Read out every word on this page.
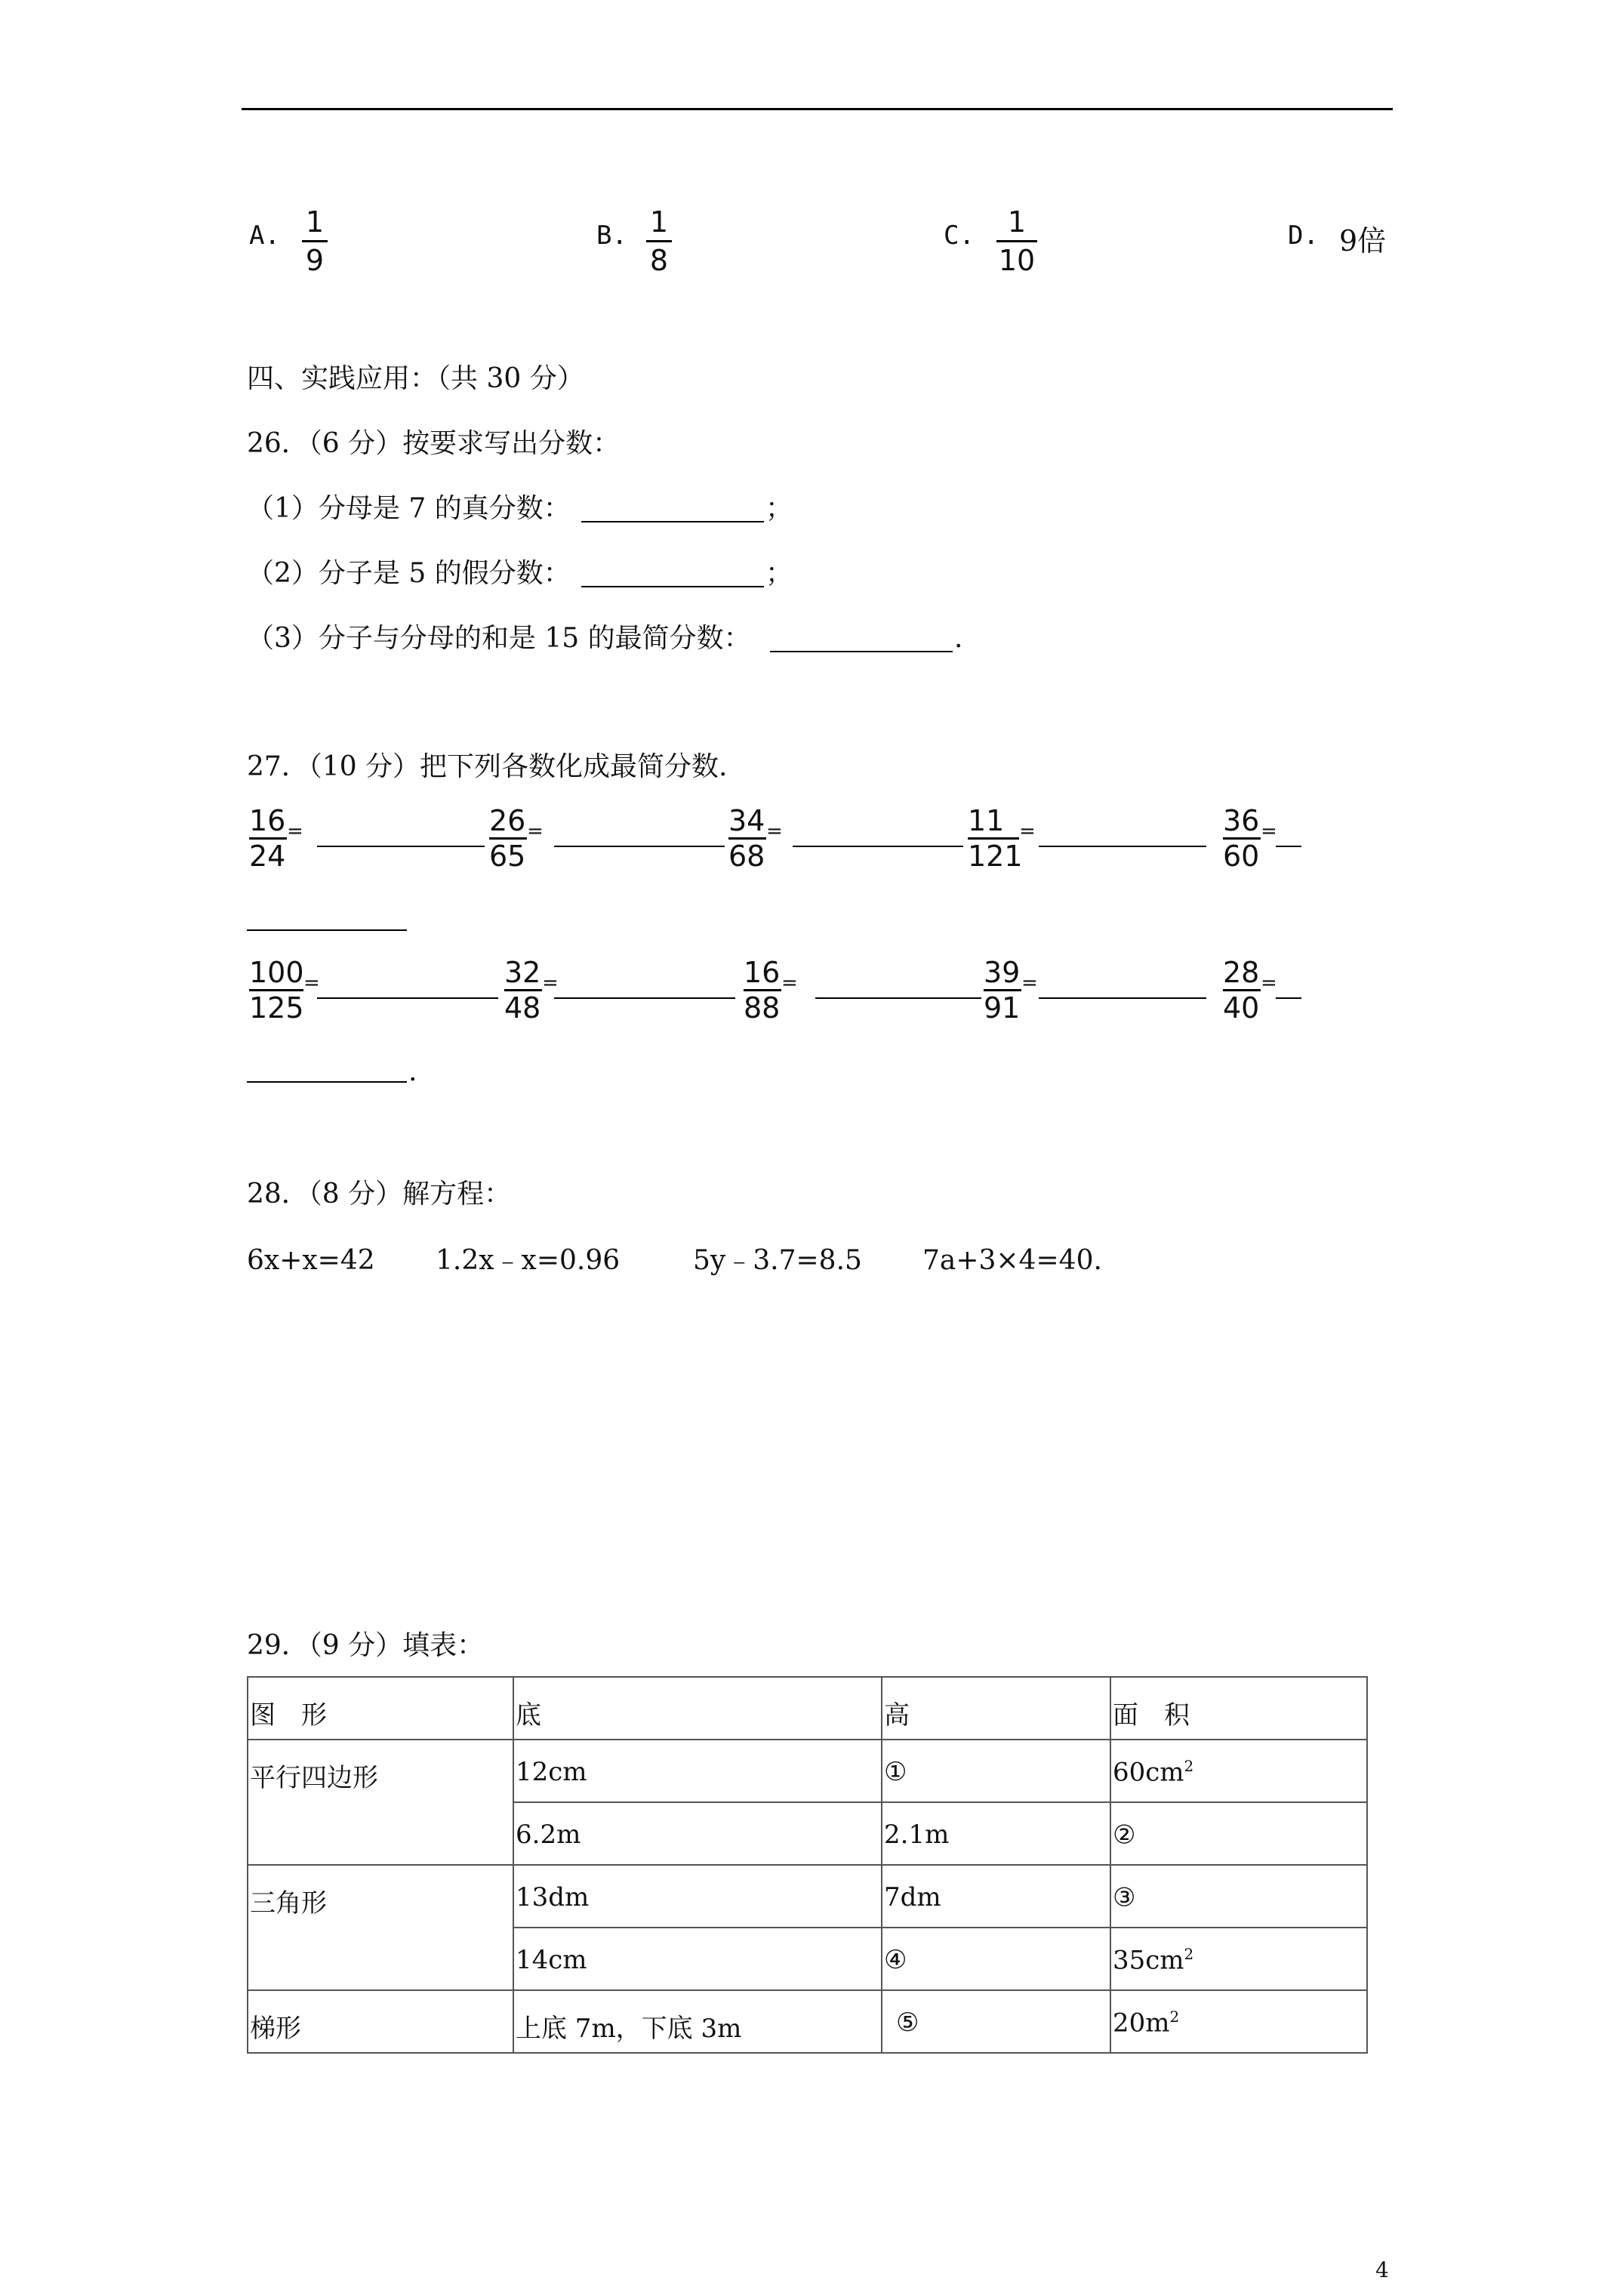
A. 1
9
B. 1
8
C.	1
10
D. 9倍
四、实践应用：（共 30 分）
26．（6 分）按要求写出分数：
（1）分母是 7 的真分数：	；
（2）分子是 5 的假分数：	；
（3）分子与分母的和是 15 的最简分数：	.
27．（10 分）把下列各数化成最简分数.
16
24
=	26
65
=	34
68
=	11
121
=	36
60
=
100
125
=	32
48
=	16
88
=	39
91
=	28
40
=
.
28．（8 分）解方程：
6x+x=42 1.2x﹣x=0.96	5y﹣3.7=8.5 7a+3×4=40.
29．（9 分）填表：
图　形	底	高	面　积
平行四边形	12cm	①	$60cm^2$
	6.2m	2.1m	②
三角形	13dm	7dm	③
	14cm	④	$35cm^2$
梯形	上底 7m，下底 3m	⑤	$20m^2$
4
